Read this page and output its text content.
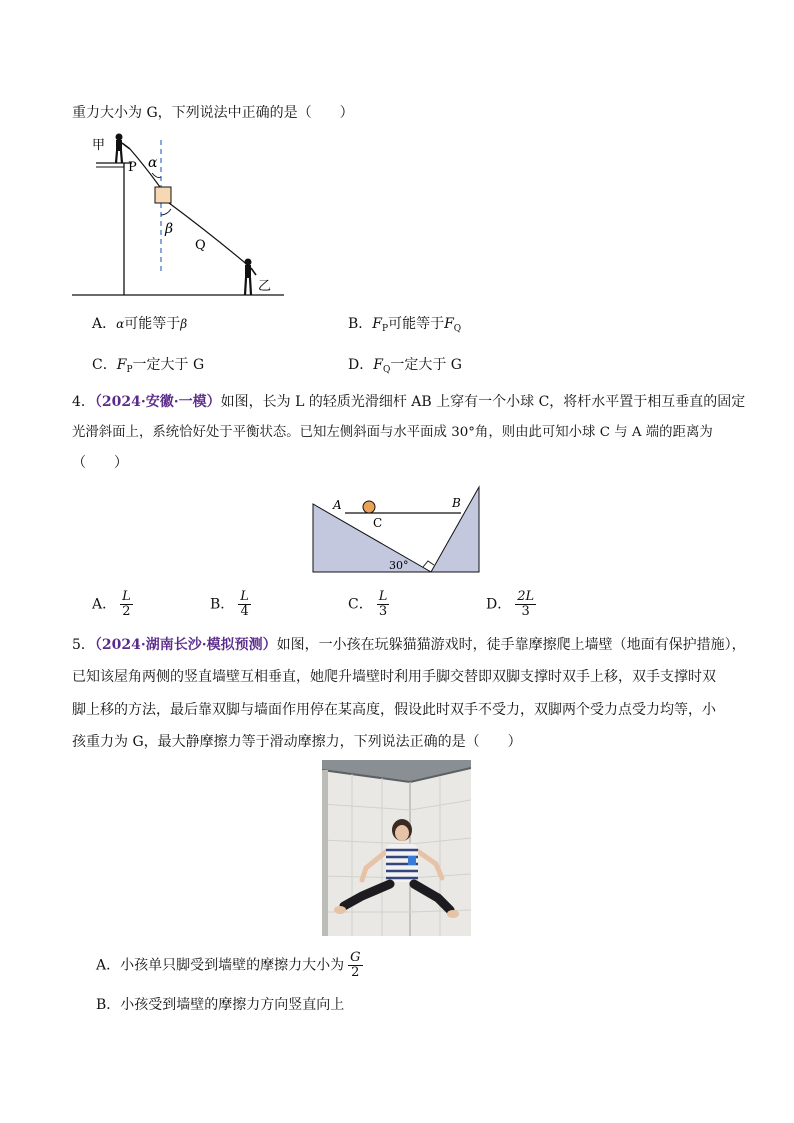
重力大小为 G，下列说法中正确的是（　　）
甲
P α
β
Q
乙
A．α可能等于β	B．$F_P$可能等于$F_Q$
C．$F_P$一定大于 G	D．$F_Q$一定大于 G
4．（2024·安徽·一模）如图，长为 L 的轻质光滑细杆 AB 上穿有一个小球 C，将杆水平置于相互垂直的固定
光滑斜面上，系统恰好处于平衡状态。已知左侧斜面与水平面成 30°角，则由此可知小球 C 与 A 端的距离为
（　　）
A	B
C
30°
A． $\frac{L}{2}$	B． $\frac{L}{4}$	C． $\frac{L}{3}$	D． $\frac{2L}{3}$
5．（2024·湖南长沙·模拟预测）如图，一小孩在玩躲猫猫游戏时，徒手靠摩擦爬上墙壁（地面有保护措施），
已知该屋角两侧的竖直墙壁互相垂直，她爬升墙壁时利用手脚交替即双脚支撑时双手上移，双手支撑时双
脚上移的方法，最后靠双脚与墙面作用停在某高度，假设此时双手不受力，双脚两个受力点受力均等，小
孩重力为 G，最大静摩擦力等于滑动摩擦力，下列说法正确的是（　　）
A．小孩单只脚受到墙壁的摩擦力大小为 $\frac{G}{2}$
B．小孩受到墙壁的摩擦力方向竖直向上
